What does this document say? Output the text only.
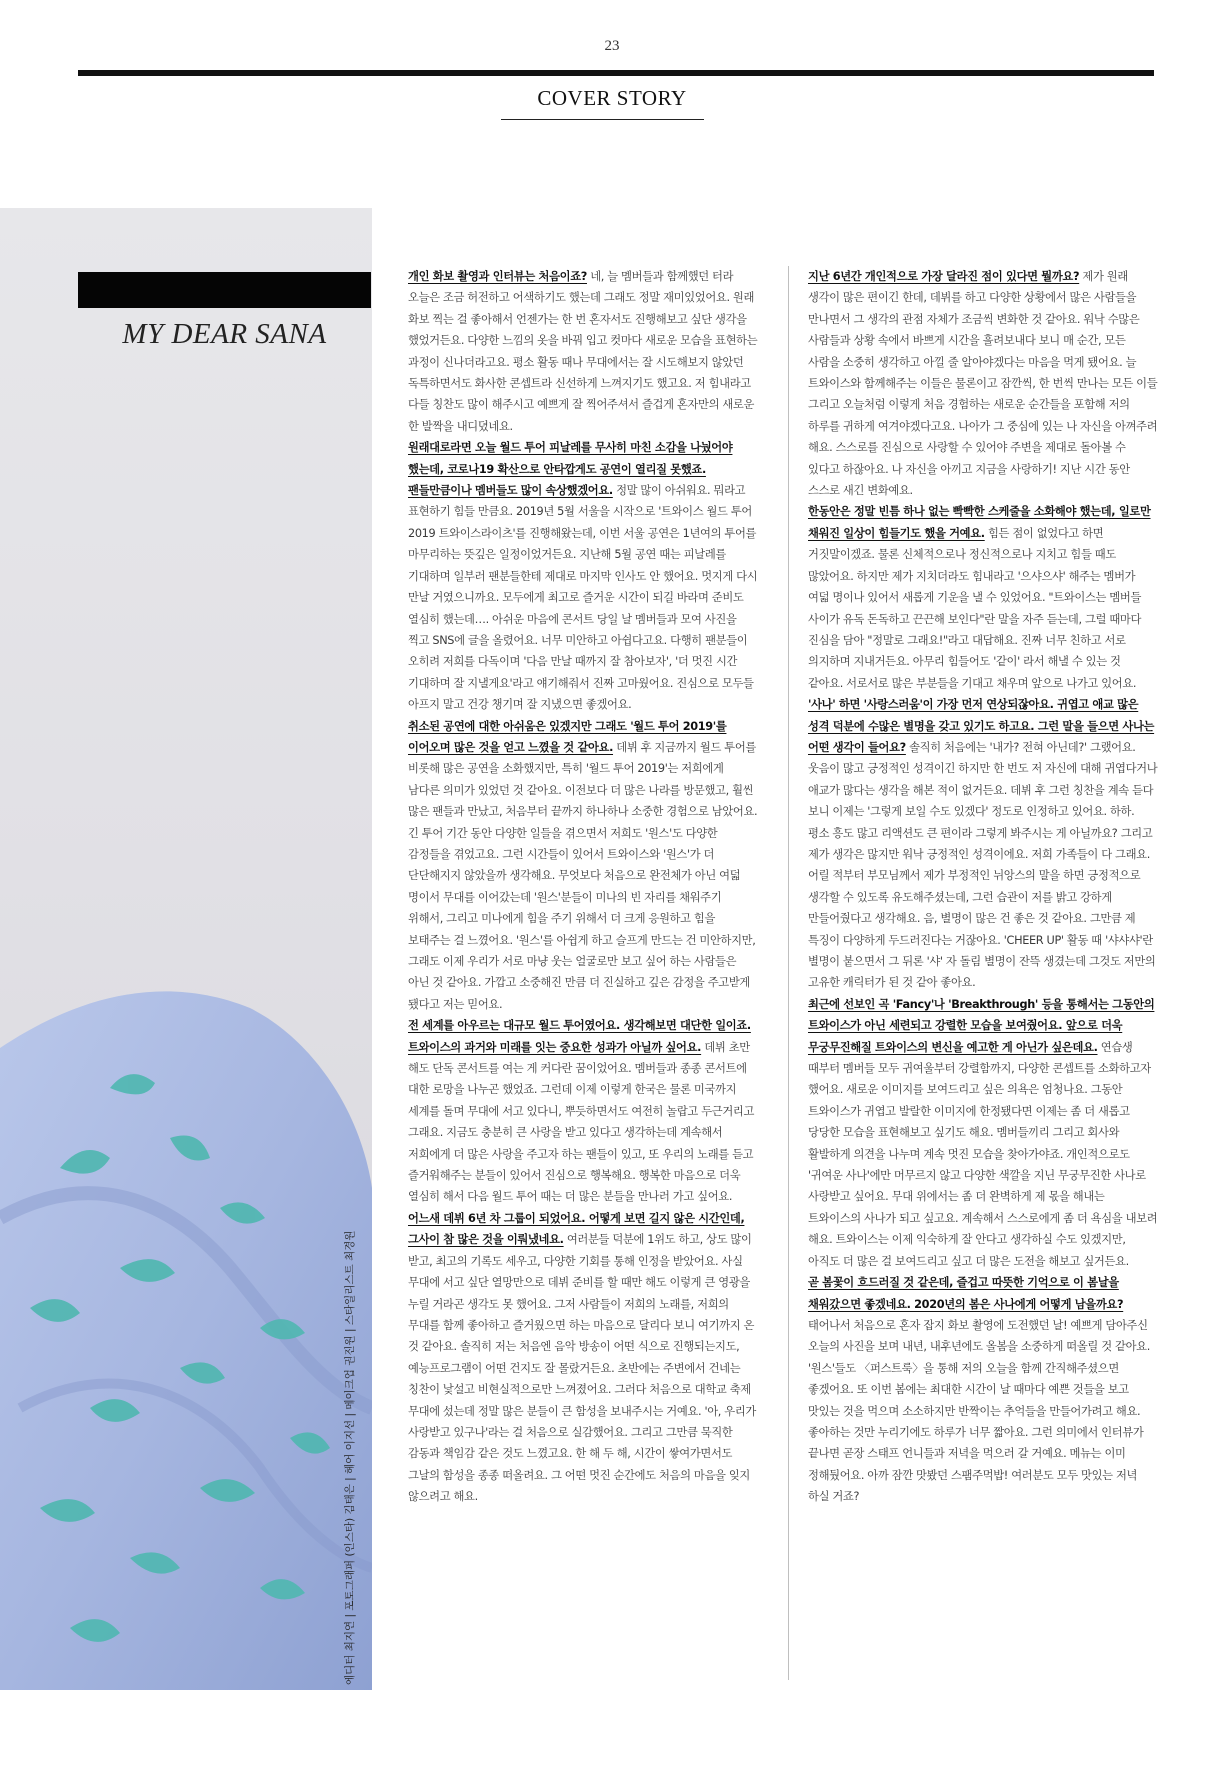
23
COVER STORY
MY DEAR SANA
에디터 최지연 | 포토그래퍼 (인스타) 김태은 | 헤어 이지선 | 메이크업 권진원 | 스타일리스트 최경원

개인 화보 촬영과 인터뷰는 처음이죠? 네, 늘 멤버들과 함께했던 터라 오늘은 조금 허전하고 어색하기도 했는데 그래도 정말 재미있었어요. 원래 화보 찍는 걸 좋아해서 언젠가는 한 번 혼자서도 진행해보고 싶단 생각을 했었거든요. 다양한 느낌의 옷을 바꿔 입고 컷마다 새로운 모습을 표현하는 과정이 신나더라고요. 평소 활동 때나 무대에서는 잘 시도해보지 않았던 독특하면서도 화사한 콘셉트라 신선하게 느껴지기도 했고요. 저 힘내라고 다들 칭찬도 많이 해주시고 예쁘게 잘 찍어주셔서 즐겁게 혼자만의 새로운 한 발짝을 내디뎠네요.

원래대로라면 오늘 월드 투어 피날레를 무사히 마친 소감을 나눴어야 했는데, 코로나19 확산으로 안타깝게도 공연이 열리질 못했죠. 팬들만큼이나 멤버들도 많이 속상했겠어요. 정말 많이 아쉬워요. 뭐라고 표현하기 힘들 만큼요. 2019년 5월 서울을 시작으로 '트와이스 월드 투어 2019 트와이스라이츠'를 진행해왔는데, 이번 서울 공연은 1년여의 투어를 마무리하는 뜻깊은 일정이었거든요. 지난해 5월 공연 때는 피날레를 기대하며 일부러 팬분들한테 제대로 마지막 인사도 안 했어요. 멋지게 다시 만날 거였으니까요. 모두에게 최고로 즐거운 시간이 되길 바라며 준비도 열심히 했는데…. 아쉬운 마음에 콘서트 당일 날 멤버들과 모여 사진을 찍고 SNS에 글을 올렸어요. 너무 미안하고 아쉽다고요. 다행히 팬분들이 오히려 저희를 다독이며 '다음 만날 때까지 잘 참아보자', '더 멋진 시간 기대하며 잘 지낼게요'라고 얘기해줘서 진짜 고마웠어요. 진심으로 모두들 아프지 말고 건강 챙기며 잘 지냈으면 좋겠어요.

취소된 공연에 대한 아쉬움은 있겠지만 그래도 '월드 투어 2019'를 이어오며 많은 것을 얻고 느꼈을 것 같아요. 데뷔 후 지금까지 월드 투어를 비롯해 많은 공연을 소화했지만, 특히 '월드 투어 2019'는 저희에게 남다른 의미가 있었던 것 같아요. 이전보다 더 많은 나라를 방문했고, 훨씬 많은 팬들과 만났고, 처음부터 끝까지 하나하나 소중한 경험으로 남았어요. 긴 투어 기간 동안 다양한 일들을 겪으면서 저희도 '원스'도 다양한 감정들을 겪었고요. 그런 시간들이 있어서 트와이스와 '원스'가 더 단단해지지 않았을까 생각해요. 무엇보다 처음으로 완전체가 아닌 여덟 명이서 무대를 이어갔는데 '원스'분들이 미나의 빈 자리를 채워주기 위해서, 그리고 미나에게 힘을 주기 위해서 더 크게 응원하고 힘을 보태주는 걸 느꼈어요. '원스'를 아쉽게 하고 슬프게 만드는 건 미안하지만, 그래도 이제 우리가 서로 마냥 웃는 얼굴로만 보고 싶어 하는 사람들은 아닌 것 같아요. 가깝고 소중해진 만큼 더 진실하고 깊은 감정을 주고받게 됐다고 저는 믿어요.

전 세계를 아우르는 대규모 월드 투어였어요. 생각해보면 대단한 일이죠. 트와이스의 과거와 미래를 잇는 중요한 성과가 아닐까 싶어요. 데뷔 초만 해도 단독 콘서트를 여는 게 커다란 꿈이었어요. 멤버들과 종종 콘서트에 대한 로망을 나누곤 했었죠. 그런데 이제 이렇게 한국은 물론 미국까지 세계를 돌며 무대에 서고 있다니, 뿌듯하면서도 여전히 놀랍고 두근거리고 그래요. 지금도 충분히 큰 사랑을 받고 있다고 생각하는데 계속해서 저희에게 더 많은 사랑을 주고자 하는 팬들이 있고, 또 우리의 노래를 듣고 즐거워해주는 분들이 있어서 진심으로 행복해요. 행복한 마음으로 더욱 열심히 해서 다음 월드 투어 때는 더 많은 분들을 만나러 가고 싶어요.

어느새 데뷔 6년 차 그룹이 되었어요. 어떻게 보면 길지 않은 시간인데, 그사이 참 많은 것을 이뤄냈네요. 여러분들 덕분에 1위도 하고, 상도 많이 받고, 최고의 기록도 세우고, 다양한 기회를 통해 인정을 받았어요. 사실 무대에 서고 싶단 열망만으로 데뷔 준비를 할 때만 해도 이렇게 큰 영광을 누릴 거라곤 생각도 못 했어요. 그저 사람들이 저희의 노래를, 저희의 무대를 함께 좋아하고 즐거웠으면 하는 마음으로 달리다 보니 여기까지 온 것 같아요. 솔직히 저는 처음엔 음악 방송이 어떤 식으로 진행되는지도, 예능프로그램이 어떤 건지도 잘 몰랐거든요. 초반에는 주변에서 건네는 칭찬이 낯설고 비현실적으로만 느껴졌어요. 그러다 처음으로 대학교 축제 무대에 섰는데 정말 많은 분들이 큰 함성을 보내주시는 거예요. '아, 우리가 사랑받고 있구나'라는 걸 처음으로 실감했어요. 그리고 그만큼 묵직한 감동과 책임감 같은 것도 느꼈고요. 한 해 두 해, 시간이 쌓여가면서도 그날의 함성을 종종 떠올려요. 그 어떤 멋진 순간에도 처음의 마음을 잊지 않으려고 해요.

지난 6년간 개인적으로 가장 달라진 점이 있다면 뭘까요? 제가 원래 생각이 많은 편이긴 한데, 데뷔를 하고 다양한 상황에서 많은 사람들을 만나면서 그 생각의 관점 자체가 조금씩 변화한 것 같아요. 워낙 수많은 사람들과 상황 속에서 바쁘게 시간을 흘려보내다 보니 매 순간, 모든 사람을 소중히 생각하고 아낄 줄 알아야겠다는 마음을 먹게 됐어요. 늘 트와이스와 함께해주는 이들은 물론이고 잠깐씩, 한 번씩 만나는 모든 이들 그리고 오늘처럼 이렇게 처음 경험하는 새로운 순간들을 포함해 저의 하루를 귀하게 여겨야겠다고요. 나아가 그 중심에 있는 나 자신을 아껴주려 해요. 스스로를 진심으로 사랑할 수 있어야 주변을 제대로 돌아볼 수 있다고 하잖아요. 나 자신을 아끼고 지금을 사랑하기! 지난 시간 동안 스스로 새긴 변화예요.

한동안은 정말 빈틈 하나 없는 빡빡한 스케줄을 소화해야 했는데, 일로만 채워진 일상이 힘들기도 했을 거예요. 힘든 점이 없었다고 하면 거짓말이겠죠. 물론 신체적으로나 정신적으로나 지치고 힘들 때도 많았어요. 하지만 제가 지치더라도 힘내라고 '으샤으샤' 해주는 멤버가 여덟 명이나 있어서 새롭게 기운을 낼 수 있었어요. "트와이스는 멤버들 사이가 유독 돈독하고 끈끈해 보인다"란 말을 자주 듣는데, 그럴 때마다 진심을 담아 "정말로 그래요!"라고 대답해요. 진짜 너무 친하고 서로 의지하며 지내거든요. 아무리 힘들어도 '같이' 라서 해낼 수 있는 것 같아요. 서로서로 많은 부분들을 기대고 채우며 앞으로 나가고 있어요.

'사나' 하면 '사랑스러움'이 가장 먼저 연상되잖아요. 귀엽고 애교 많은 성격 덕분에 수많은 별명을 갖고 있기도 하고요. 그런 말을 들으면 사나는 어떤 생각이 들어요? 솔직히 처음에는 '내가? 전혀 아닌데?' 그랬어요. 웃음이 많고 긍정적인 성격이긴 하지만 한 번도 저 자신에 대해 귀엽다거나 애교가 많다는 생각을 해본 적이 없거든요. 데뷔 후 그런 칭찬을 계속 듣다 보니 이제는 '그렇게 보일 수도 있겠다' 정도로 인정하고 있어요. 하하. 평소 흥도 많고 리액션도 큰 편이라 그렇게 봐주시는 게 아닐까요? 그리고 제가 생각은 많지만 워낙 긍정적인 성격이에요. 저희 가족들이 다 그래요. 어릴 적부터 부모님께서 제가 부정적인 뉘앙스의 말을 하면 긍정적으로 생각할 수 있도록 유도해주셨는데, 그런 습관이 저를 밝고 강하게 만들어줬다고 생각해요. 음, 별명이 많은 건 좋은 것 같아요. 그만큼 제 특징이 다양하게 두드러진다는 거잖아요. 'CHEER UP' 활동 때 '샤샤샤'란 별명이 붙으면서 그 뒤론 '샤' 자 돌림 별명이 잔뜩 생겼는데 그것도 저만의 고유한 캐릭터가 된 것 같아 좋아요.

최근에 선보인 곡 'Fancy'나 'Breakthrough' 등을 통해서는 그동안의 트와이스가 아닌 세련되고 강렬한 모습을 보여줬어요. 앞으로 더욱 무궁무진해질 트와이스의 변신을 예고한 게 아닌가 싶은데요. 연습생 때부터 멤버들 모두 귀여울부터 강렬함까지, 다양한 콘셉트를 소화하고자 했어요. 새로운 이미지를 보여드리고 싶은 의욕은 엄청나요. 그동안 트와이스가 귀엽고 발랄한 이미지에 한정됐다면 이제는 좀 더 새롭고 당당한 모습을 표현해보고 싶기도 해요. 멤버들끼리 그리고 회사와 활발하게 의견을 나누며 계속 멋진 모습을 찾아가야죠. 개인적으로도 '귀여운 사나'에만 머무르지 않고 다양한 색깔을 지닌 무궁무진한 사나로 사랑받고 싶어요. 무대 위에서는 좀 더 완벽하게 제 몫을 해내는 트와이스의 사나가 되고 싶고요. 계속해서 스스로에게 좀 더 욕심을 내보려 해요. 트와이스는 이제 익숙하게 잘 안다고 생각하실 수도 있겠지만, 아직도 더 많은 걸 보여드리고 싶고 더 많은 도전을 해보고 싶거든요.

곧 봄꽃이 흐드러질 것 같은데, 즐겁고 따뜻한 기억으로 이 봄날을 채워갔으면 좋겠네요. 2020년의 봄은 사나에게 어떻게 남을까요? 태어나서 처음으로 혼자 잡지 화보 촬영에 도전했던 날! 예쁘게 담아주신 오늘의 사진을 보며 내년, 내후년에도 올봄을 소중하게 떠올릴 것 같아요. '원스'들도 〈퍼스트룩〉을 통해 저의 오늘을 함께 간직해주셨으면 좋겠어요. 또 이번 봄에는 최대한 시간이 날 때마다 예쁜 것들을 보고 맛있는 것을 먹으며 소소하지만 반짝이는 추억들을 만들어가려고 해요. 좋아하는 것만 누리기에도 하루가 너무 짧아요. 그런 의미에서 인터뷰가 끝나면 곧장 스태프 언니들과 저녁을 먹으러 갈 거예요. 메뉴는 이미 정해뒀어요. 아까 잠깐 맛봤던 스팸주먹밥! 여러분도 모두 맛있는 저녁 하실 거죠?
